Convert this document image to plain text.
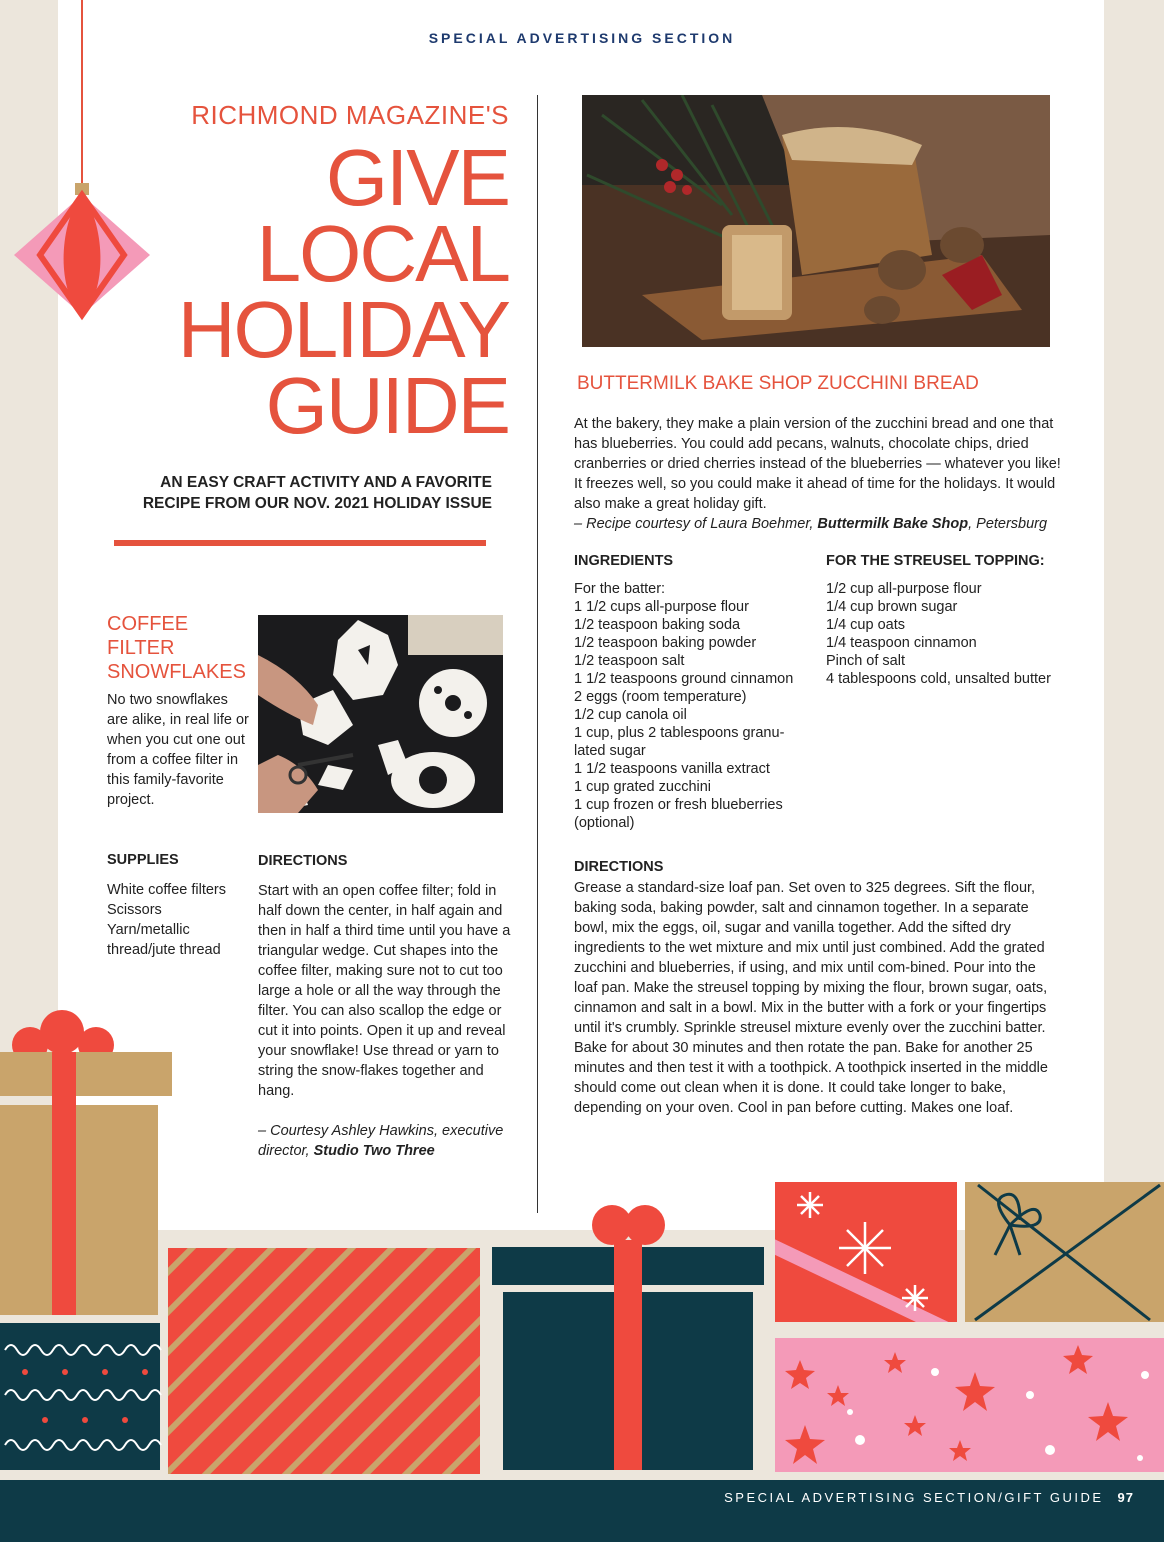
SPECIAL ADVERTISING SECTION
RICHMOND MAGAZINE'S
GIVE
LOCAL
HOLIDAY
GUIDE
AN EASY CRAFT ACTIVITY AND A FAVORITE
RECIPE FROM OUR NOV. 2021 HOLIDAY ISSUE
COFFEE
FILTER
SNOWFLAKES
No two snowflakes are alike, in real life or when you cut one out from a coffee filter in this family-favorite project.
SUPPLIES
White coffee filters
Scissors
Yarn/metallic
thread/jute thread
DIRECTIONS
Start with an open coffee filter; fold in half down the center, in half again and then in half a third time until you have a triangular wedge. Cut shapes into the coffee filter, making sure not to cut too large a hole or all the way through the filter. You can also scallop the edge or cut it into points. Open it up and reveal your snowflake! Use thread or yarn to string the snow-flakes together and hang.
– Courtesy Ashley Hawkins, executive director, Studio Two Three
BUTTERMILK BAKE SHOP ZUCCHINI BREAD
At the bakery, they make a plain version of the zucchini bread and one that has blueberries. You could add pecans, walnuts, chocolate chips, dried cranberries or dried cherries instead of the blueberries — whatever you like! It freezes well, so you could make it ahead of time for the holidays. It would also make a great holiday gift.
– Recipe courtesy of Laura Boehmer, Buttermilk Bake Shop, Petersburg
INGREDIENTS
For the batter:
1 1/2 cups all-purpose flour
1/2 teaspoon baking soda
1/2 teaspoon baking powder
1/2 teaspoon salt
1 1/2 teaspoons ground cinnamon
2 eggs (room temperature)
1/2 cup canola oil
1 cup, plus 2 tablespoons granu-
lated sugar
1 1/2 teaspoons vanilla extract
1 cup grated zucchini
1 cup frozen or fresh blueberries
(optional)
FOR THE STREUSEL TOPPING:
1/2 cup all-purpose flour
1/4 cup brown sugar
1/4 cup oats
1/4 teaspoon cinnamon
Pinch of salt
4 tablespoons cold, unsalted butter
DIRECTIONS
Grease a standard-size loaf pan. Set oven to 325 degrees. Sift the flour, baking soda, baking powder, salt and cinnamon together. In a separate bowl, mix the eggs, oil, sugar and vanilla together. Add the sifted dry ingredients to the wet mixture and mix until just combined. Add the grated zucchini and blueberries, if using, and mix until com-bined. Pour into the loaf pan. Make the streusel topping by mixing the flour, brown sugar, oats, cinnamon and salt in a bowl. Mix in the butter with a fork or your fingertips until it's crumbly. Sprinkle streusel mixture evenly over the zucchini batter. Bake for about 30 minutes and then rotate the pan. Bake for another 25 minutes and then test it with a toothpick. A toothpick inserted in the middle should come out clean when it is done. It could take longer to bake, depending on your oven. Cool in pan before cutting. Makes one loaf.
SPECIAL ADVERTISING SECTION/GIFT GUIDE 97
